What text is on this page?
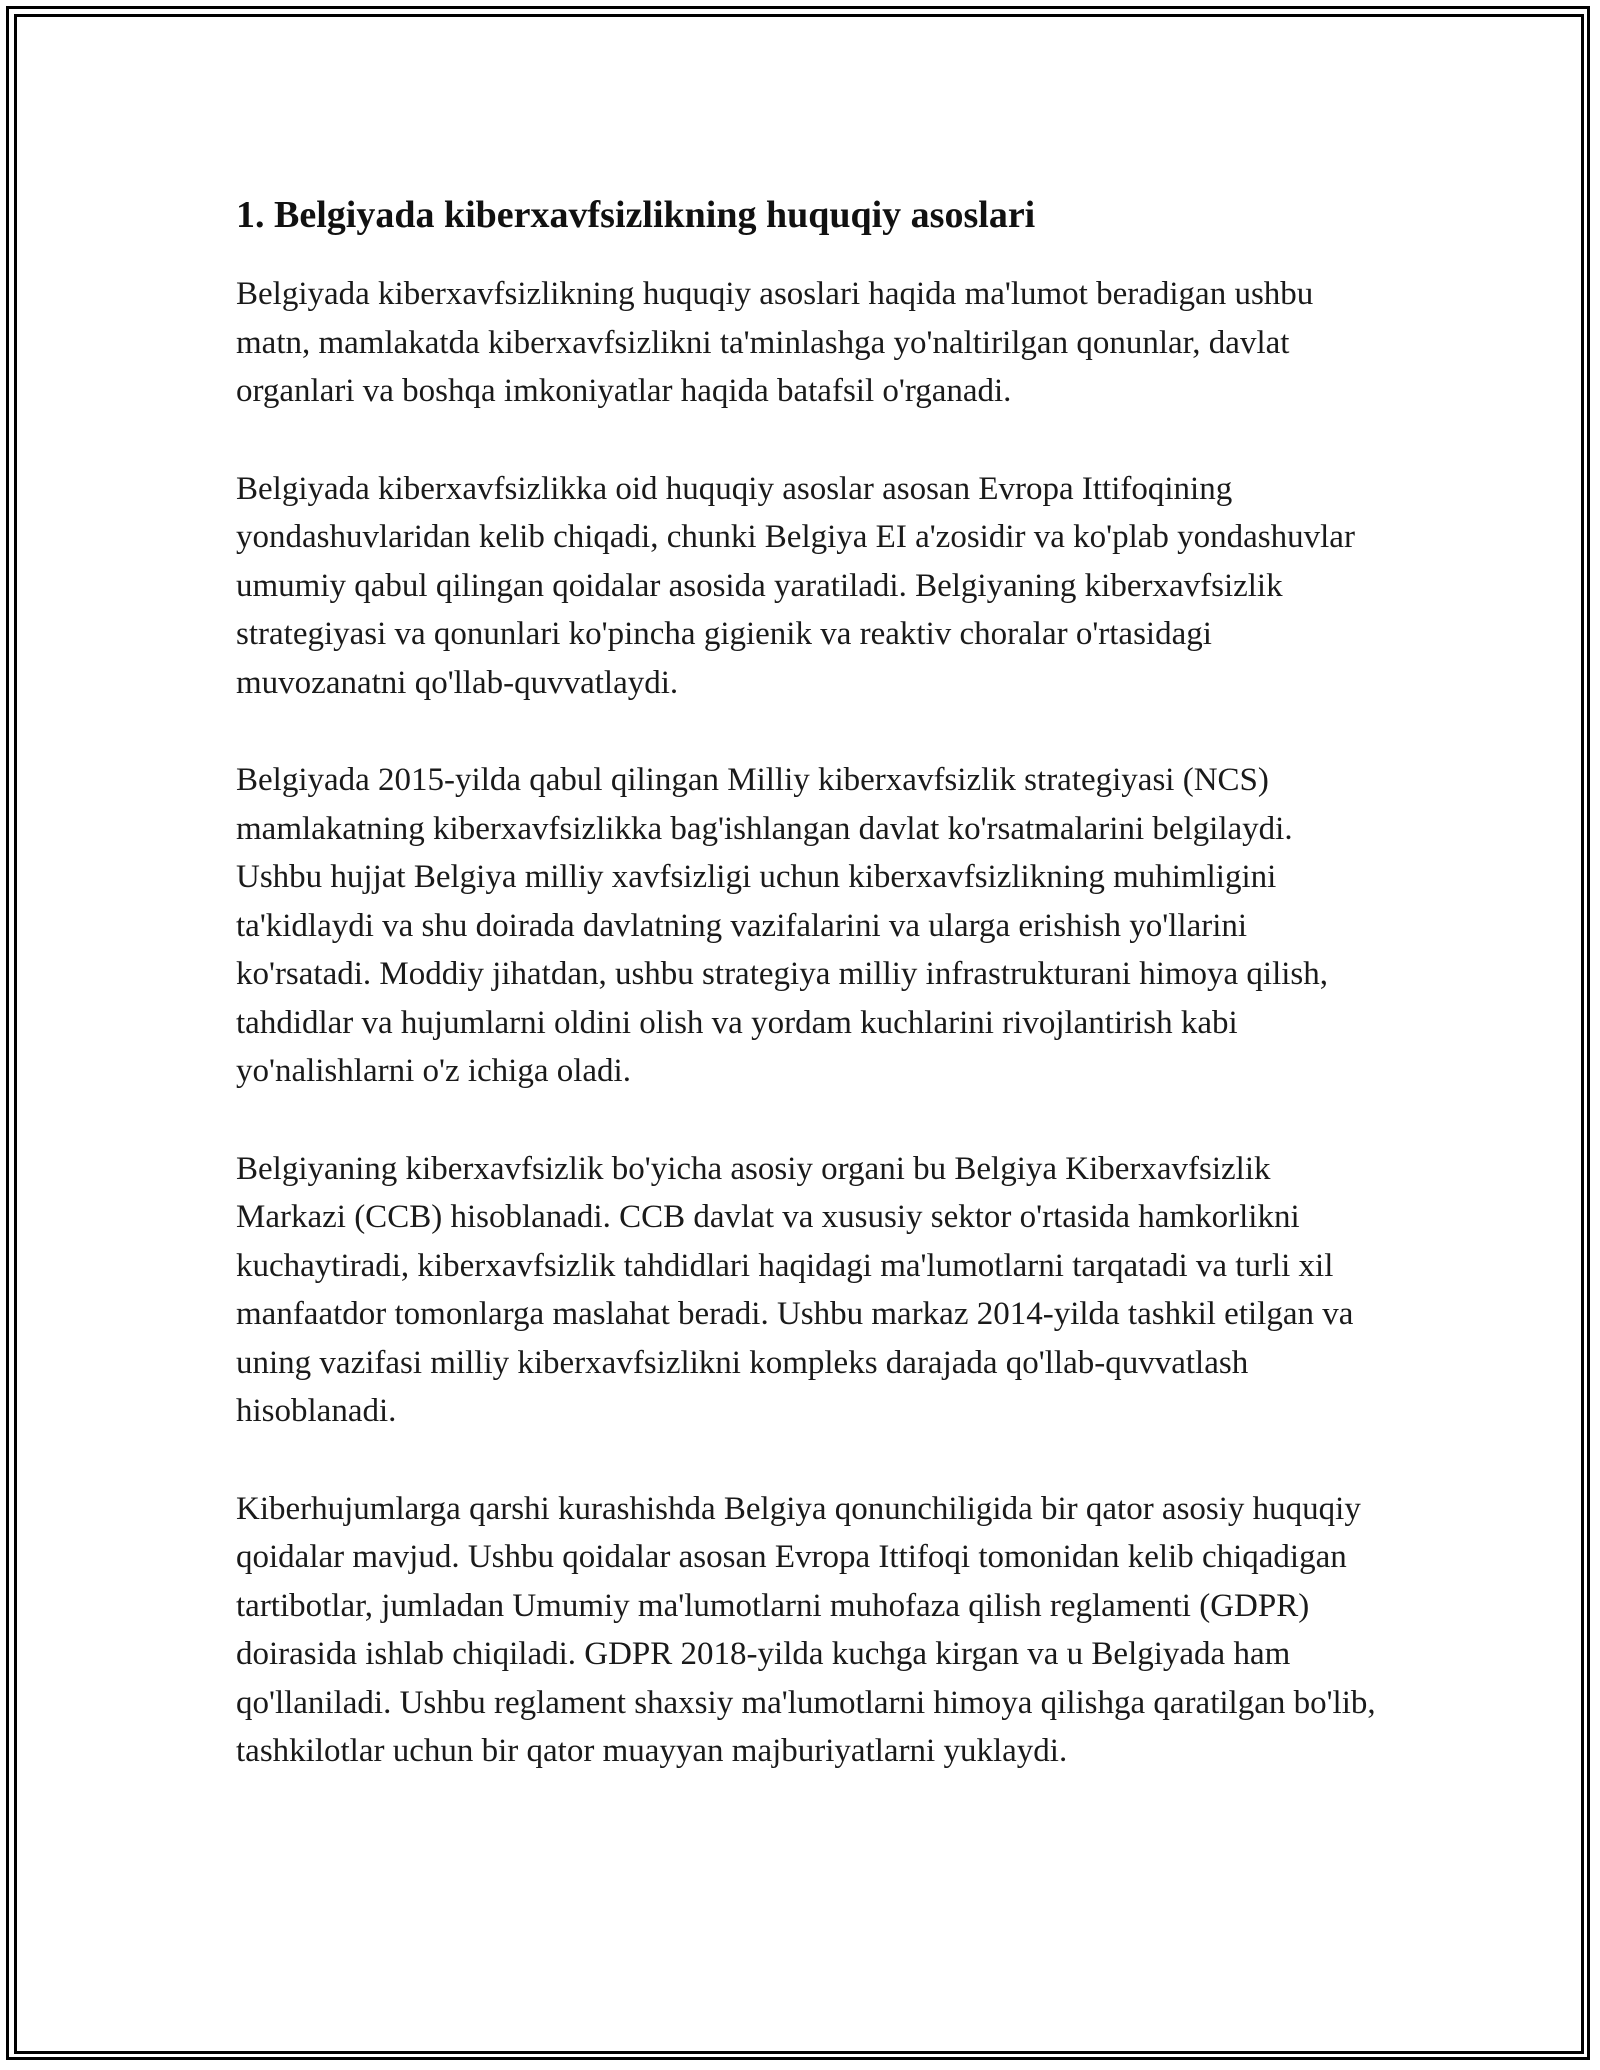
1. Belgiyada kiberxavfsizlikning huquqiy asoslari

Belgiyada kiberxavfsizlikning huquqiy asoslari haqida ma'lumot beradigan ushbu matn, mamlakatda kiberxavfsizlikni ta'minlashga yo'naltirilgan qonunlar, davlat organlari va boshqa imkoniyatlar haqida batafsil o'rganadi.

Belgiyada kiberxavfsizlikka oid huquqiy asoslar asosan Evropa Ittifoqining yondashuvlaridan kelib chiqadi, chunki Belgiya EI a'zosidir va ko'plab yondashuvlar umumiy qabul qilingan qoidalar asosida yaratiladi. Belgiyaning kiberxavfsizlik strategiyasi va qonunlari ko'pincha gigienik va reaktiv choralar o'rtasidagi muvozanatni qo'llab-quvvatlaydi.

Belgiyada 2015-yilda qabul qilingan Milliy kiberxavfsizlik strategiyasi (NCS) mamlakatning kiberxavfsizlikka bag'ishlangan davlat ko'rsatmalarini belgilaydi. Ushbu hujjat Belgiya milliy xavfsizligi uchun kiberxavfsizlikning muhimligini ta'kidlaydi va shu doirada davlatning vazifalarini va ularga erishish yo'llarini ko'rsatadi. Moddiy jihatdan, ushbu strategiya milliy infrastrukturani himoya qilish, tahdidlar va hujumlarni oldini olish va yordam kuchlarini rivojlantirish kabi yo'nalishlarni o'z ichiga oladi.

Belgiyaning kiberxavfsizlik bo'yicha asosiy organi bu Belgiya Kiberxavfsizlik Markazi (CCB) hisoblanadi. CCB davlat va xususiy sektor o'rtasida hamkorlikni kuchaytiradi, kiberxavfsizlik tahdidlari haqidagi ma'lumotlarni tarqatadi va turli xil manfaatdor tomonlarga maslahat beradi. Ushbu markaz 2014-yilda tashkil etilgan va uning vazifasi milliy kiberxavfsizlikni kompleks darajada qo'llab-quvvatlash hisoblanadi.

Kiberhujumlarga qarshi kurashishda Belgiya qonunchiligida bir qator asosiy huquqiy qoidalar mavjud. Ushbu qoidalar asosan Evropa Ittifoqi tomonidan kelib chiqadigan tartibotlar, jumladan Umumiy ma'lumotlarni muhofaza qilish reglamenti (GDPR) doirasida ishlab chiqiladi. GDPR 2018-yilda kuchga kirgan va u Belgiyada ham qo'llaniladi. Ushbu reglament shaxsiy ma'lumotlarni himoya qilishga qaratilgan bo'lib, tashkilotlar uchun bir qator muayyan majburiyatlarni yuklaydi.
